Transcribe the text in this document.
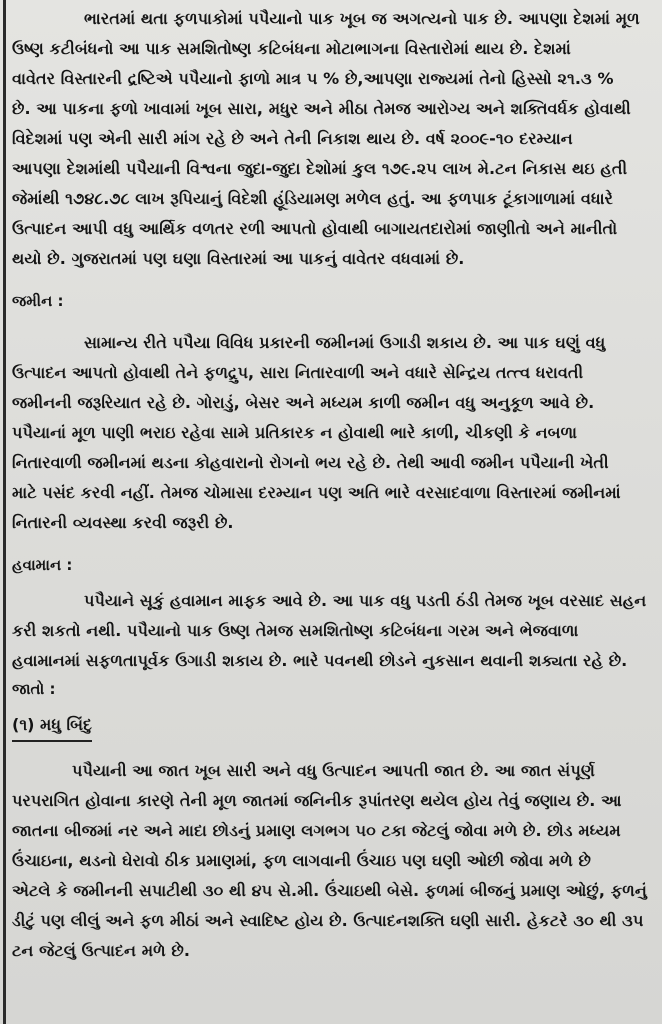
ભારતમાં થતા ફળપાકોમાં પપૈયાનો પાક ખૂબ જ અગત્યનો પાક છે. આપણા દેશમાં મૂળ
ઉષ્ણ કટીબંધનો આ પાક સમશિતોષ્ણ કટિબંધના મોટાભાગના વિસ્તારોમાં થાય છે. દેશમાં
વાવેતર વિસ્તારની દ્રષ્ટિએ પપૈયાનો ફાળો માત્ર ૫ % છે,આપણા રાજ્યમાં તેનો હિસ્સો ૨૧.૩ %
છે. આ પાકના ફળો ખાવામાં ખૂબ સારા, મધુર અને મીઠા તેમજ આરોગ્ય અને શક્તિવર્ધક હોવાથી
વિદેશમાં પણ એની સારી માંગ રહે છે અને તેની નિકાશ થાય છે. વર્ષ ૨૦૦૯-૧૦ દરમ્યાન
આપણા દેશમાંથી પપૈયાની વિશ્વના જુદા-જુદા દેશોમાં કુલ ૧૭૯.૨૫ લાખ મે.ટન નિકાસ થઇ હતી
જેમાંથી ૧૭૪૮.૭૮ લાખ રૂપિયાનું વિદેશી હૂંડિયામણ મળેલ હતું. આ ફળપાક ટૂંકાગાળામાં વધારે
ઉત્પાદન આપી વધુ આર્થિક વળતર રળી આપતો હોવાથી બાગાયતદારોમાં જાણીતો અને માનીતો
થયો છે. ગુજરાતમાં પણ ઘણા વિસ્તારમાં આ પાકનું વાવેતર વધવામાં છે.
જમીન :
સામાન્ય રીતે પપૈયા વિવિધ પ્રકારની જમીનમાં ઉગાડી શકાય છે. આ પાક ઘણું વધુ
ઉત્પાદન આપતો હોવાથી તેને ફળદ્રુપ, સારા નિતારવાળી અને વધારે સેન્દ્રિય તત્ત્વ ધરાવતી
જમીનની જરૂરિયાત રહે છે. ગોરાડું, બેસર અને મધ્યમ કાળી જમીન વધુ અનુકૂળ આવે છે.
પપૈયાનાં મૂળ પાણી ભરાઇ રહેવા સામે પ્રતિકારક ન હોવાથી ભારે કાળી, ચીકણી કે નબળા
નિતારવાળી જમીનમાં થડના કોહવારાનો રોગનો ભય રહે છે. તેથી આવી જમીન પપૈયાની ખેતી
માટે પસંદ કરવી નહીં. તેમજ ચોમાસા દરમ્યાન પણ અતિ ભારે વરસાદવાળા વિસ્તારમાં જમીનમાં
નિતારની વ્યવસ્થા કરવી જરૂરી છે.
હવામાન :
પપૈયાને સૂકું હવામાન માફક આવે છે. આ પાક વધુ પડતી ઠંડી તેમજ ખૂબ વરસાદ સહન
કરી શકતો નથી. પપૈયાનો પાક ઉષ્ણ તેમજ સમશિતોષ્ણ કટિબંધના ગરમ અને ભેજવાળા
હવામાનમાં સફળતાપૂર્વક ઉગાડી શકાય છે. ભારે પવનથી છોડને નુકસાન થવાની શક્યતા રહે છે.
જાતો :
(૧) મધુ બિંદુ
પપૈયાની આ જાત ખૂબ સારી અને વધુ ઉત્પાદન આપતી જાત છે. આ જાત સંપૂર્ણ
પરપરાગિત હોવાના કારણે તેની મૂળ જાતમાં જનિનીક રૂપાંતરણ થયેલ હોય તેવું જણાય છે. આ
જાતના બીજમાં નર અને માદા છોડનું પ્રમાણ લગભગ ૫૦ ટકા જેટલું જોવા મળે છે. છોડ મધ્યમ
ઉંચાઇના, થડનો ઘેરાવો ઠીક પ્રમાણમાં, ફળ લાગવાની ઉંચાઇ પણ ઘણી ઓછી જોવા મળે છે
એટલે કે જમીનની સપાટીથી ૩૦ થી ૪૫ સે.મી. ઉંચાઇથી બેસે. ફળમાં બીજનું પ્રમાણ ઓછું, ફળનું
ડીટું પણ લીલું અને ફળ મીઠાં અને સ્વાદિષ્ટ હોય છે. ઉત્પાદનશક્તિ ઘણી સારી. હેકટરે ૩૦ થી ૩૫
ટન જેટલું ઉત્પાદન મળે છે.
